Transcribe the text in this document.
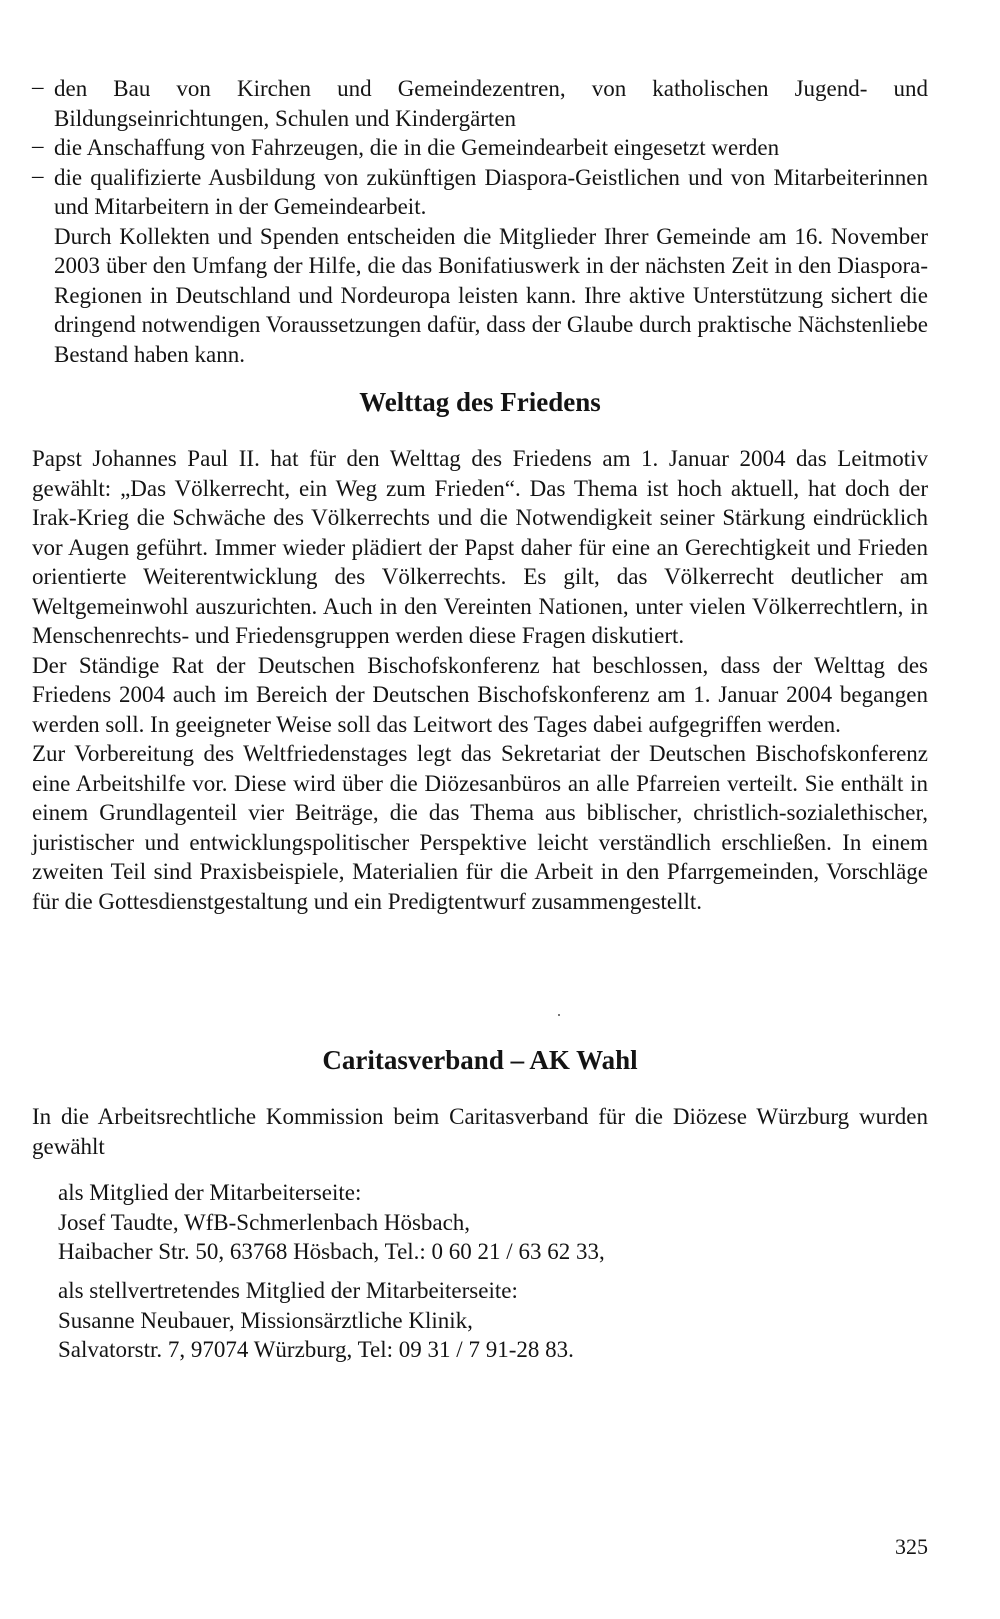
– den Bau von Kirchen und Gemeindezentren, von katholischen Jugend- und Bildungseinrichtungen, Schulen und Kindergärten

– die Anschaffung von Fahrzeugen, die in die Gemeindearbeit eingesetzt werden

– die qualifizierte Ausbildung von zukünftigen Diaspora-Geistlichen und von Mitarbeiterinnen und Mitarbeitern in der Gemeindearbeit.

Durch Kollekten und Spenden entscheiden die Mitglieder Ihrer Gemeinde am 16. November 2003 über den Umfang der Hilfe, die das Bonifatiuswerk in der nächsten Zeit in den Diaspora-Regionen in Deutschland und Nordeuropa leisten kann. Ihre aktive Unterstützung sichert die dringend notwendigen Voraussetzungen dafür, dass der Glaube durch praktische Nächstenliebe Bestand haben kann.

Welttag des Friedens

Papst Johannes Paul II. hat für den Welttag des Friedens am 1. Januar 2004 das Leitmotiv gewählt: „Das Völkerrecht, ein Weg zum Frieden“. Das Thema ist hoch aktuell, hat doch der Irak-Krieg die Schwäche des Völkerrechts und die Notwendigkeit seiner Stärkung eindrücklich vor Augen geführt. Immer wieder plädiert der Papst daher für eine an Gerechtigkeit und Frieden orientierte Weiterentwicklung des Völkerrechts. Es gilt, das Völkerrecht deutlicher am Weltgemeinwohl auszurichten. Auch in den Vereinten Nationen, unter vielen Völkerrechtlern, in Menschenrechts- und Friedensgruppen werden diese Fragen diskutiert.

Der Ständige Rat der Deutschen Bischofskonferenz hat beschlossen, dass der Welttag des Friedens 2004 auch im Bereich der Deutschen Bischofskonferenz am 1. Januar 2004 begangen werden soll. In geeigneter Weise soll das Leitwort des Tages dabei aufgegriffen werden.

Zur Vorbereitung des Weltfriedenstages legt das Sekretariat der Deutschen Bischofskonferenz eine Arbeitshilfe vor. Diese wird über die Diözesanbüros an alle Pfarreien verteilt. Sie enthält in einem Grundlagenteil vier Beiträge, die das Thema aus biblischer, christlich-sozialethischer, juristischer und entwicklungspolitischer Perspektive leicht verständlich erschließen. In einem zweiten Teil sind Praxisbeispiele, Materialien für die Arbeit in den Pfarrgemeinden, Vorschläge für die Gottesdienstgestaltung und ein Predigtentwurf zusammengestellt.

Caritasverband – AK Wahl

In die Arbeitsrechtliche Kommission beim Caritasverband für die Diözese Würzburg wurden gewählt

als Mitglied der Mitarbeiterseite:

Josef Taudte, WfB-Schmerlenbach Hösbach,

Haibacher Str. 50, 63768 Hösbach, Tel.: 0 60 21 / 63 62 33,

als stellvertretendes Mitglied der Mitarbeiterseite:

Susanne Neubauer, Missionsärztliche Klinik,

Salvatorstr. 7, 97074 Würzburg, Tel: 09 31 / 7 91-28 83.

325
